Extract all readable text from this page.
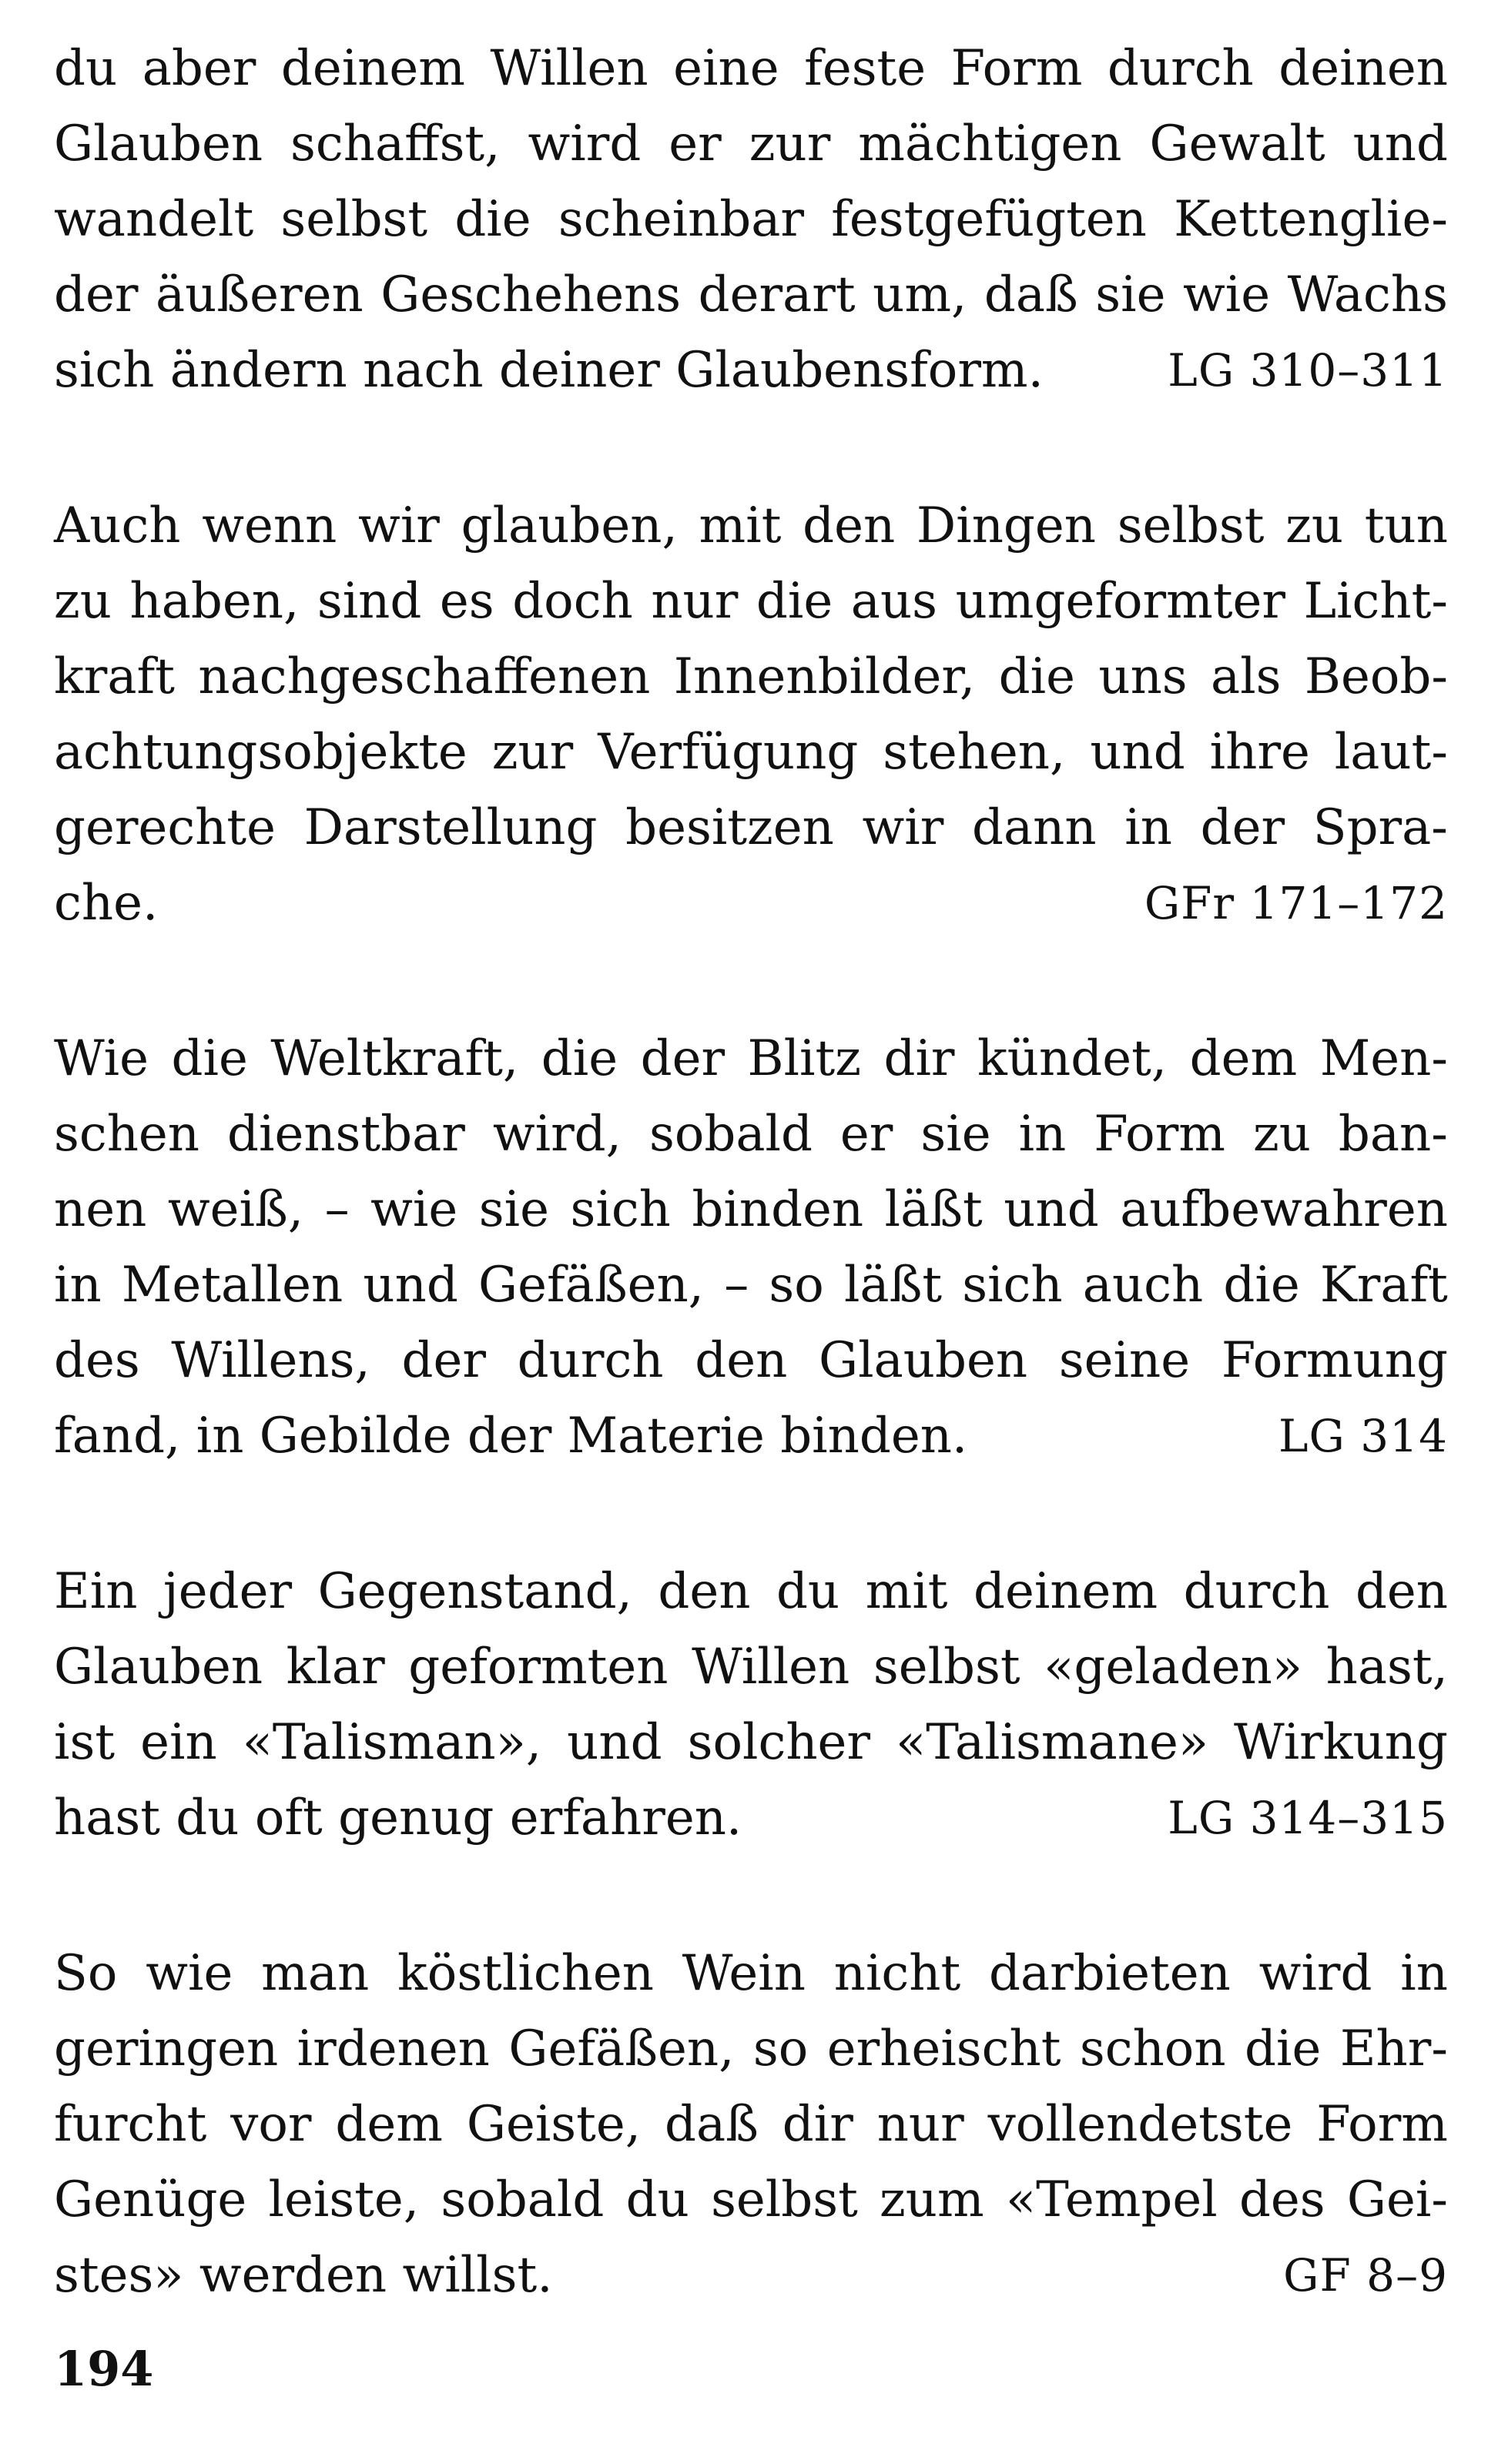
du aber deinem Willen eine feste Form durch deinen
Glauben schaffst, wird er zur mächtigen Gewalt und
wandelt selbst die scheinbar festgefügten Kettenglie-
der äußeren Geschehens derart um, daß sie wie Wachs
sich ändern nach deiner Glaubensform.	LG 310–311
Auch wenn wir glauben, mit den Dingen selbst zu tun
zu haben, sind es doch nur die aus umgeformter Licht-
kraft nachgeschaffenen Innenbilder, die uns als Beob-
achtungsobjekte zur Verfügung stehen, und ihre laut-
gerechte Darstellung besitzen wir dann in der Spra-
che.	GFr 171–172
Wie die Weltkraft, die der Blitz dir kündet, dem Men-
schen dienstbar wird, sobald er sie in Form zu ban-
nen weiß, – wie sie sich binden läßt und aufbewahren
in Metallen und Gefäßen, – so läßt sich auch die Kraft
des Willens, der durch den Glauben seine Formung
fand, in Gebilde der Materie binden.	LG 314
Ein jeder Gegenstand, den du mit deinem durch den
Glauben klar geformten Willen selbst «geladen» hast,
ist ein «Talisman», und solcher «Talismane» Wirkung
hast du oft genug erfahren.	LG 314–315
So wie man köstlichen Wein nicht darbieten wird in
geringen irdenen Gefäßen, so erheischt schon die Ehr-
furcht vor dem Geiste, daß dir nur vollendetste Form
Genüge leiste, sobald du selbst zum «Tempel des Gei-
stes» werden willst.	GF 8–9
194
